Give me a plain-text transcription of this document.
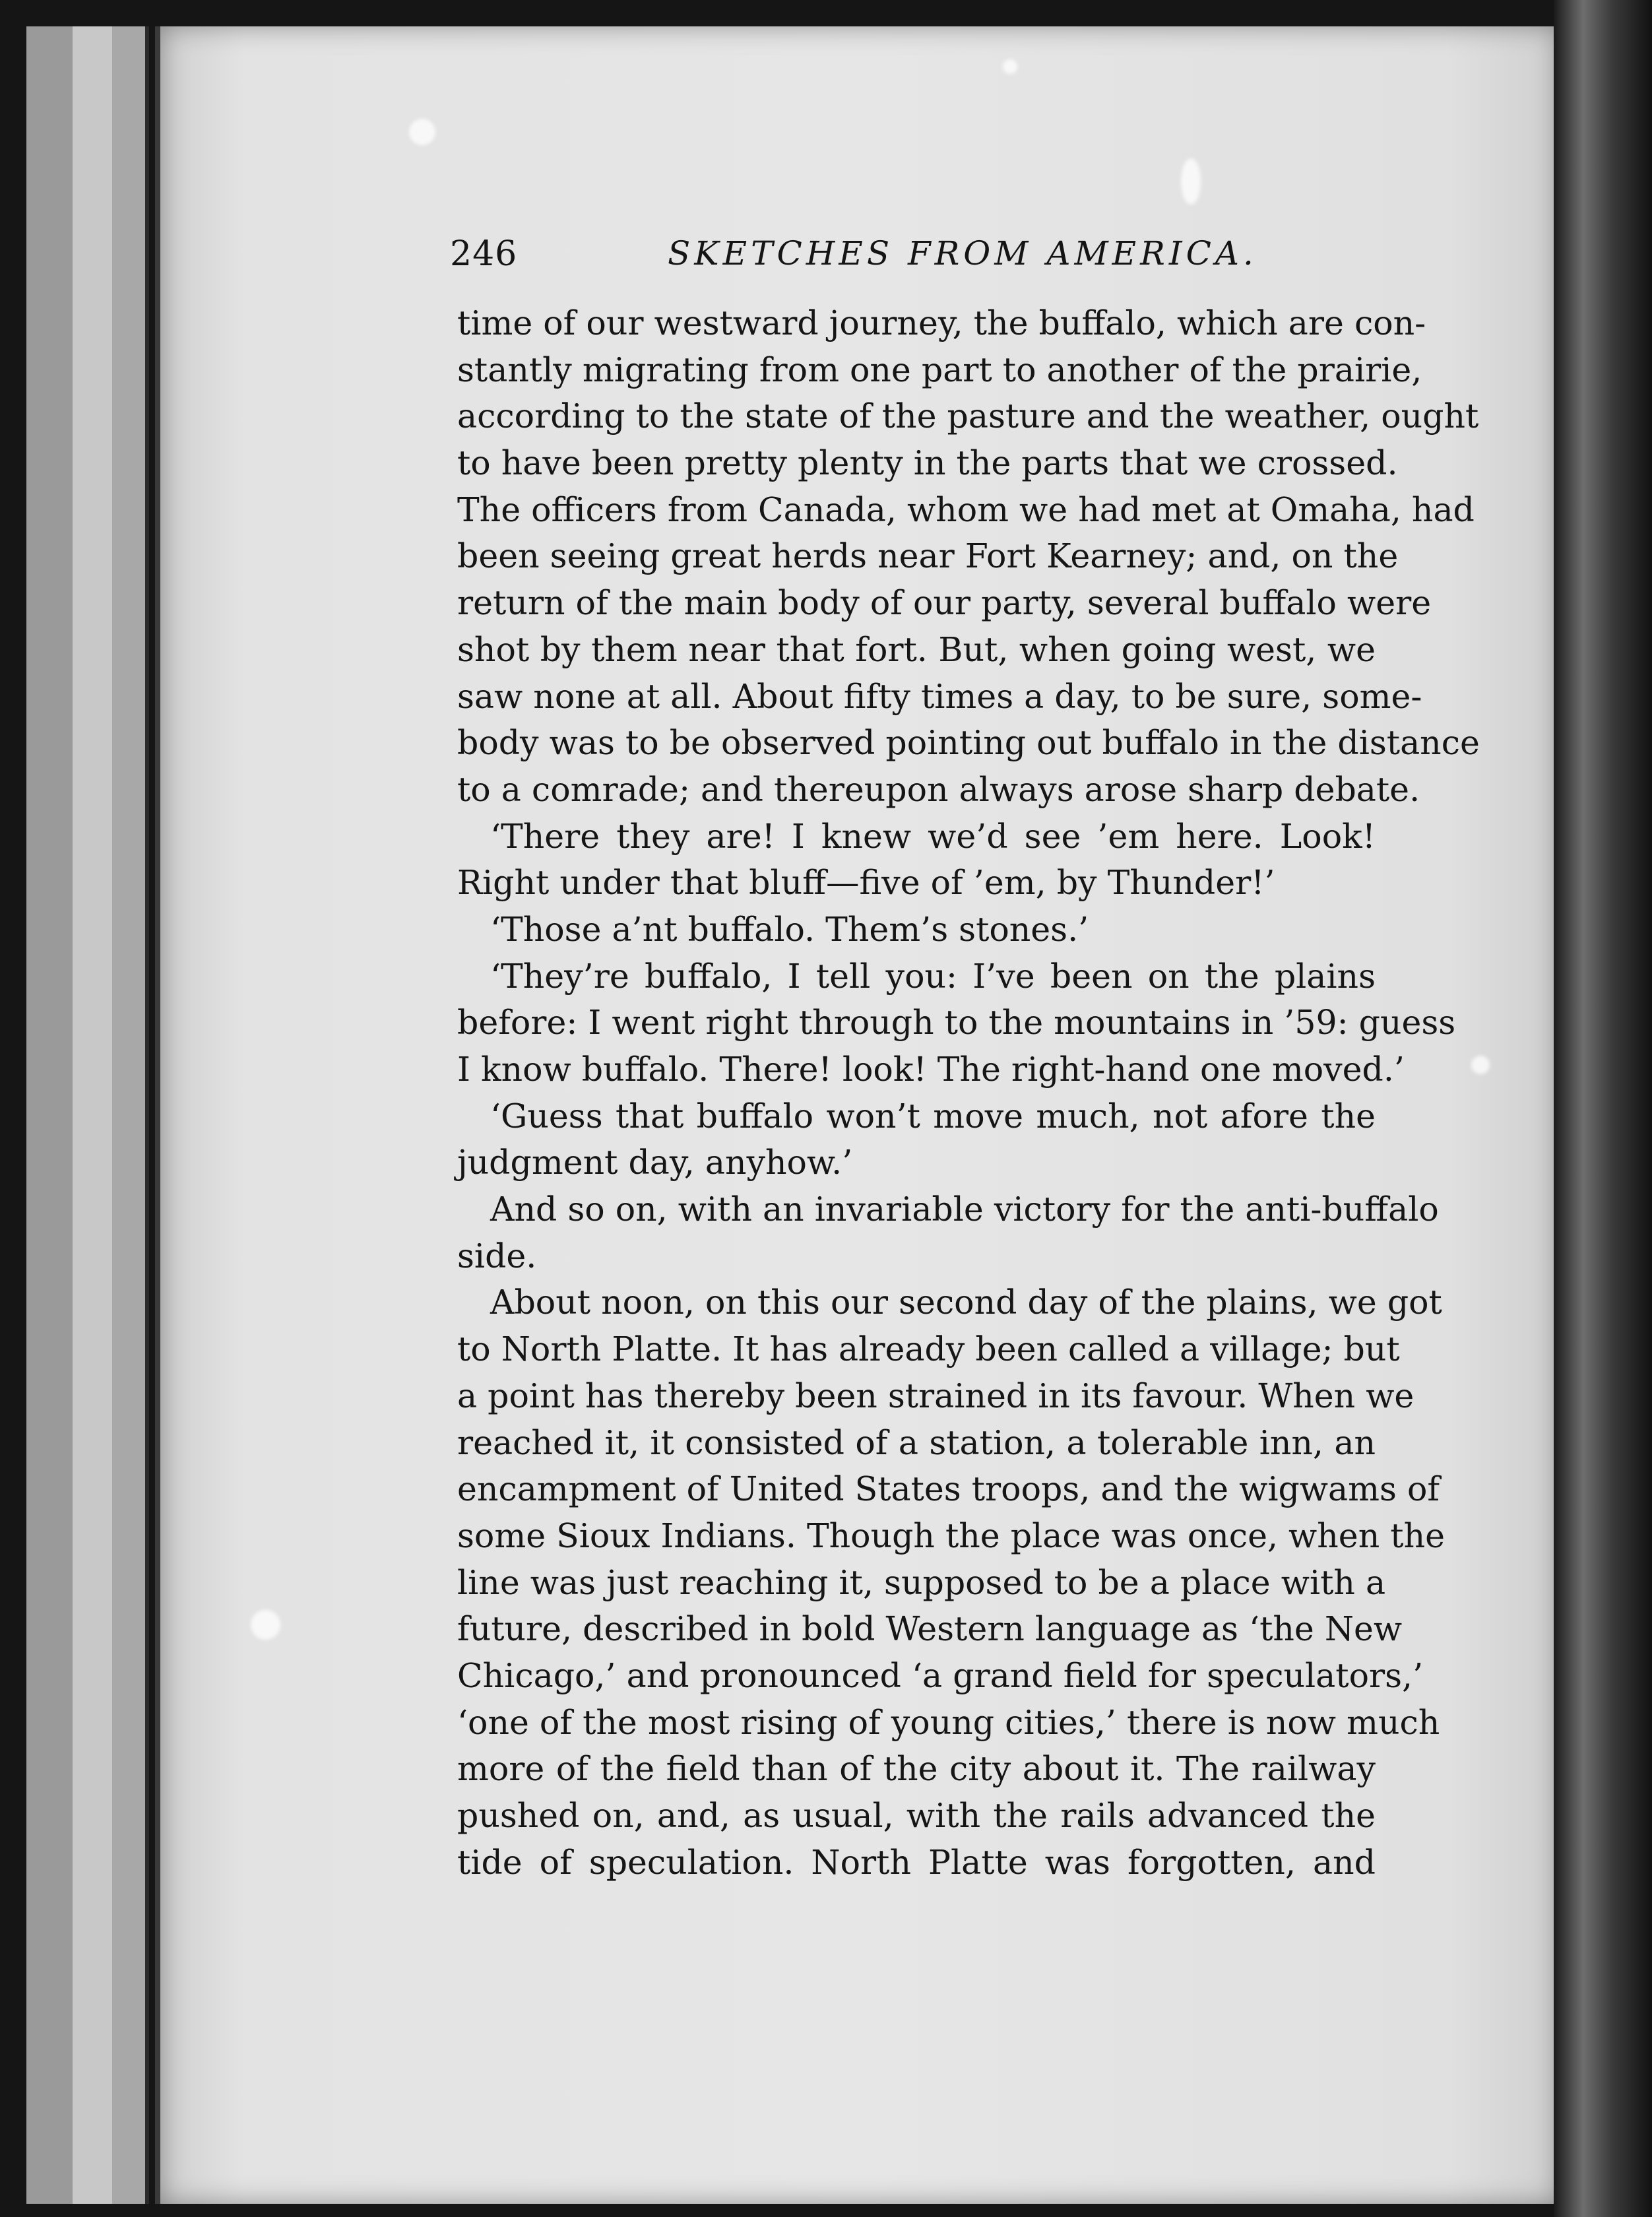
246	SKETCHES FROM AMERICA.
time of our westward journey, the buffalo, which are con-
stantly migrating from one part to another of the prairie,
according to the state of the pasture and the weather, ought
to have been pretty plenty in the parts that we crossed.
The officers from Canada, whom we had met at Omaha, had
been seeing great herds near Fort Kearney; and, on the
return of the main body of our party, several buffalo were
shot by them near that fort. But, when going west, we
saw none at all. About fifty times a day, to be sure, some-
body was to be observed pointing out buffalo in the distance
to a comrade; and thereupon always arose sharp debate.
‘There they are! I knew we’d see ’em here. Look!
Right under that bluff—five of ’em, by Thunder!’
‘Those a’nt buffalo. Them’s stones.’
‘They’re buffalo, I tell you: I’ve been on the plains
before: I went right through to the mountains in ’59: guess
I know buffalo. There! look! The right-hand one moved.’
‘Guess that buffalo won’t move much, not afore the
judgment day, anyhow.’
And so on, with an invariable victory for the anti-buffalo
side.
About noon, on this our second day of the plains, we got
to North Platte. It has already been called a village; but
a point has thereby been strained in its favour. When we
reached it, it consisted of a station, a tolerable inn, an
encampment of United States troops, and the wigwams of
some Sioux Indians. Though the place was once, when the
line was just reaching it, supposed to be a place with a
future, described in bold Western language as ‘the New
Chicago,’ and pronounced ‘a grand field for speculators,’
‘one of the most rising of young cities,’ there is now much
more of the field than of the city about it. The railway
pushed on, and, as usual, with the rails advanced the
tide of speculation. North Platte was forgotten, and
